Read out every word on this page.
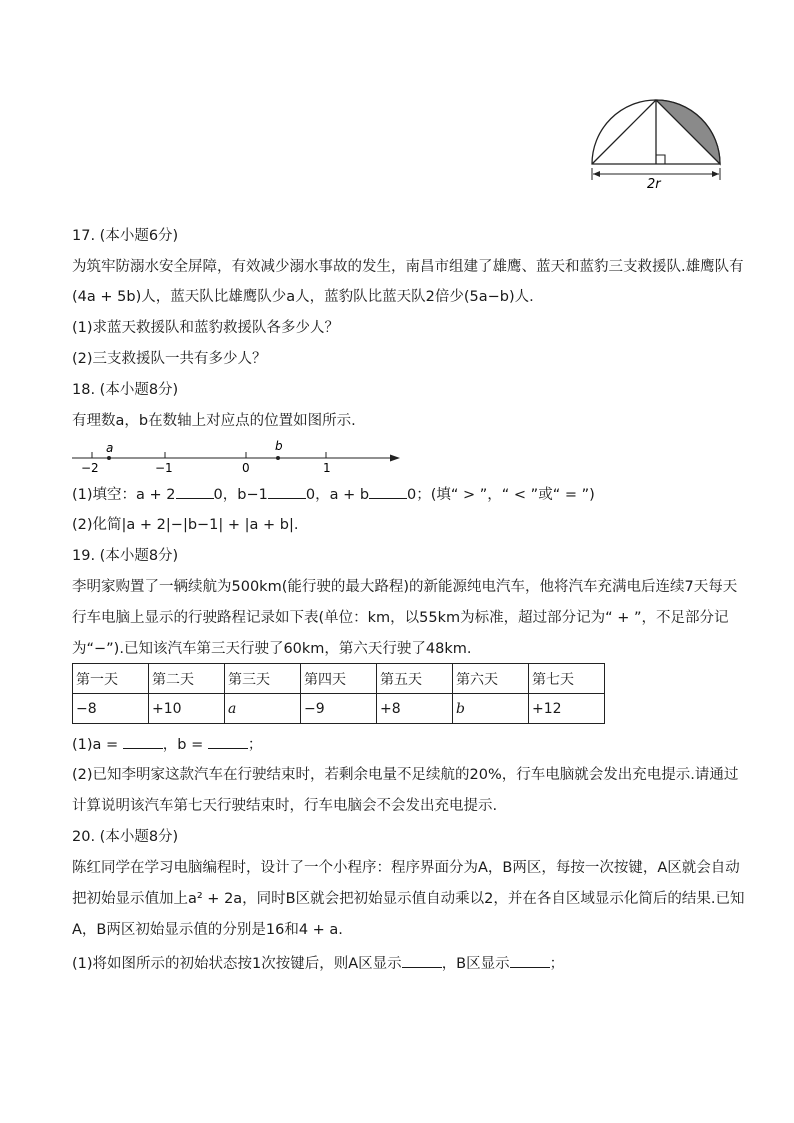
2r
17. (本小题6分)
为筑牢防溺水安全屏障，有效减少溺水事故的发生，南昌市组建了雄鹰、蓝天和蓝豹三支救援队.雄鹰队有
(4a + 5b)人，蓝天队比雄鹰队少a人，蓝豹队比蓝天队2倍少(5a−b)人.
(1)求蓝天救援队和蓝豹救援队各多少人？
(2)三支救援队一共有多少人？
18. (本小题8分)
有理数a，b在数轴上对应点的位置如图所示.
a	b
−2	−1	0	1
(1)填空：a + 2	0，b−1	0，a + b	0；(填“ > ”，“ < ”或“ = ”)
(2)化简|a + 2|−|b−1| + |a + b|.
19. (本小题8分)
李明家购置了一辆续航为500km(能行驶的最大路程)的新能源纯电汽车，他将汽车充满电后连续7天每天
行车电脑上显示的行驶路程记录如下表(单位：km，以55km为标准，超过部分记为“ + ”，不足部分记
为“−”).已知该汽车第三天行驶了60km，第六天行驶了48km.
第一天	第二天	第三天	第四天	第五天	第六天	第七天
−8	+10	a	−9	+8	b	+12
(1)a =	，b =	；
(2)已知李明家这款汽车在行驶结束时，若剩余电量不足续航的20%，行车电脑就会发出充电提示.请通过
计算说明该汽车第七天行驶结束时，行车电脑会不会发出充电提示.
20. (本小题8分)
陈红同学在学习电脑编程时，设计了一个小程序：程序界面分为A，B两区，每按一次按键，A区就会自动
把初始显示值加上a² + 2a，同时B区就会把初始显示值自动乘以2，并在各自区域显示化简后的结果.已知
A，B两区初始显示值的分别是16和4 + a.
(1)将如图所示的初始状态按1次按键后，则A区显示	，B区显示	；
